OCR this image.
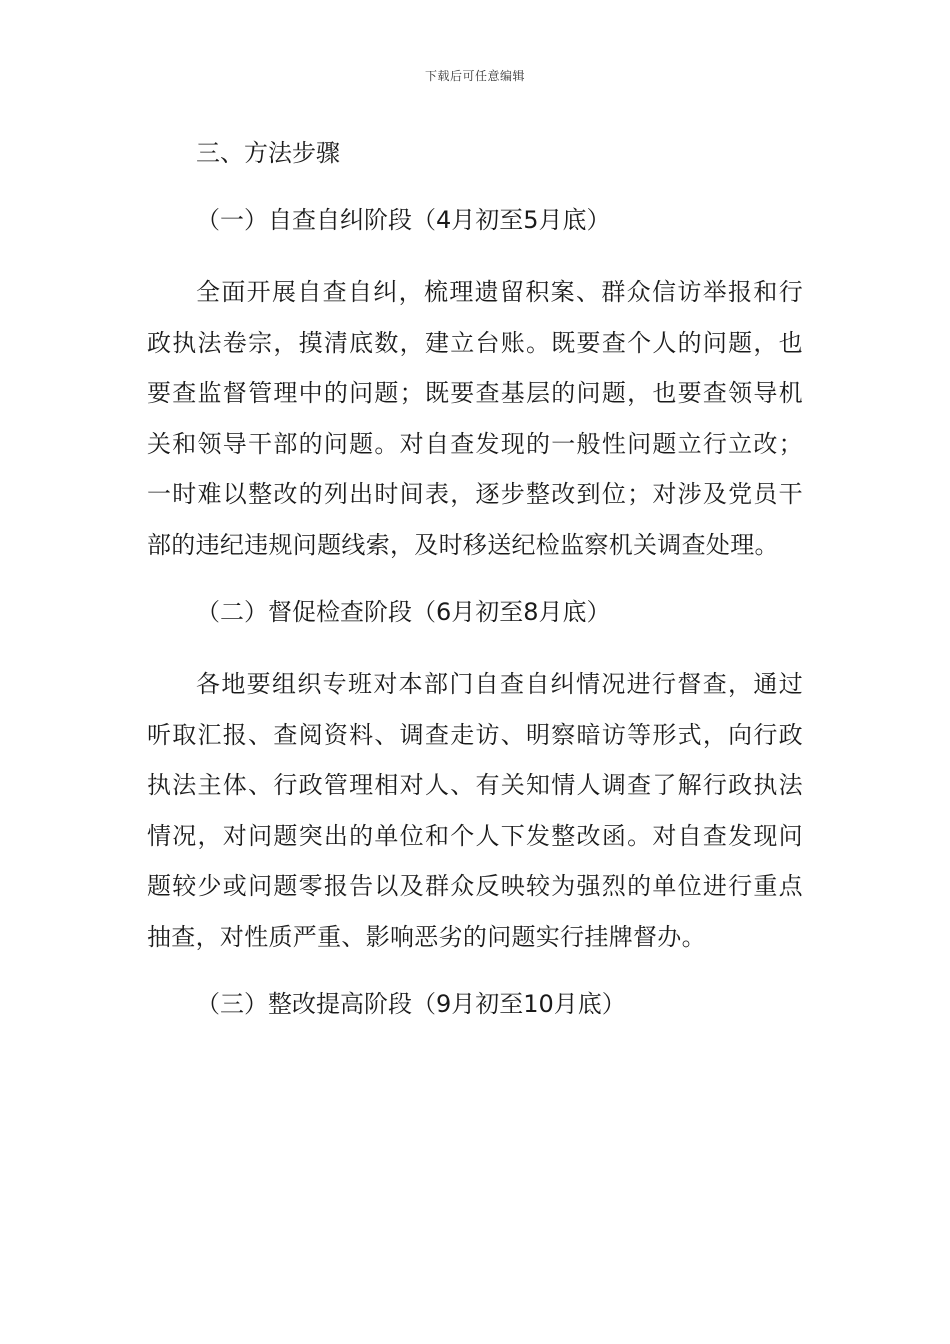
下载后可任意编辑

三、方法步骤

（一）自查自纠阶段（4月初至5月底）

全面开展自查自纠，梳理遗留积案、群众信访举报和行政执法卷宗，摸清底数，建立台账。既要查个人的问题，也要查监督管理中的问题；既要查基层的问题，也要查领导机关和领导干部的问题。对自查发现的一般性问题立行立改；一时难以整改的列出时间表，逐步整改到位；对涉及党员干部的违纪违规问题线索，及时移送纪检监察机关调查处理。

（二）督促检查阶段（6月初至8月底）

各地要组织专班对本部门自查自纠情况进行督查，通过听取汇报、查阅资料、调查走访、明察暗访等形式，向行政执法主体、行政管理相对人、有关知情人调查了解行政执法情况，对问题突出的单位和个人下发整改函。对自查发现问题较少或问题零报告以及群众反映较为强烈的单位进行重点抽查，对性质严重、影响恶劣的问题实行挂牌督办。

（三）整改提高阶段（9月初至10月底）
